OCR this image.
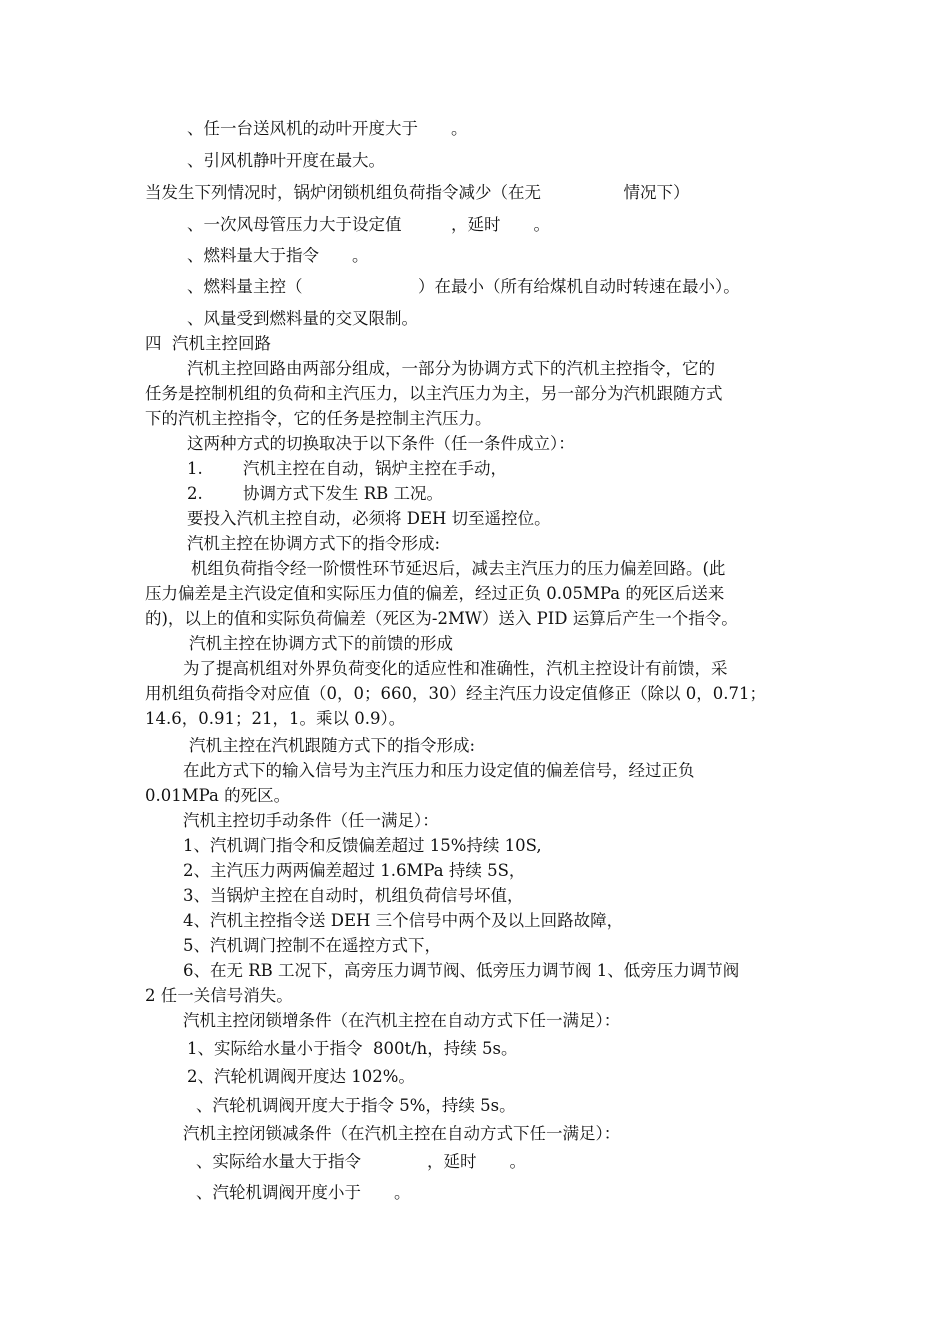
、任一台送风机的动叶开度大于　　。
、引风机静叶开度在最大。
当发生下列情况时，锅炉闭锁机组负荷指令减少（在无　　　　　情况下）
、一次风母管压力大于设定值　　　，延时　　。
、燃料量大于指令　　。
、燃料量主控（　　　　　　　）在最小（所有给煤机自动时转速在最小）。
、风量受到燃料量的交叉限制。
四  汽机主控回路
汽机主控回路由两部分组成，一部分为协调方式下的汽机主控指令，它的
任务是控制机组的负荷和主汽压力，以主汽压力为主，另一部分为汽机跟随方式
下的汽机主控指令，它的任务是控制主汽压力。
这两种方式的切换取决于以下条件（任一条件成立）：
1. 汽机主控在自动，锅炉主控在手动，
2. 协调方式下发生 RB 工况。
要投入汽机主控自动，必须将 DEH 切至遥控位。
汽机主控在协调方式下的指令形成:
机组负荷指令经一阶惯性环节延迟后，减去主汽压力的压力偏差回路。(此
压力偏差是主汽设定值和实际压力值的偏差，经过正负 0.05MPa 的死区后送来
的)，以上的值和实际负荷偏差（死区为-2MW）送入 PID 运算后产生一个指令。
汽机主控在协调方式下的前馈的形成
为了提高机组对外界负荷变化的适应性和准确性，汽机主控设计有前馈，采
用机组负荷指令对应值（0，0；660，30）经主汽压力设定值修正（除以 0，0.71；
14.6，0.91；21，1。乘以 0.9）。
汽机主控在汽机跟随方式下的指令形成:
在此方式下的输入信号为主汽压力和压力设定值的偏差信号，经过正负
0.01MPa 的死区。
汽机主控切手动条件（任一满足）：
1、汽机调门指令和反馈偏差超过 15%持续 10S,
2、主汽压力两两偏差超过 1.6MPa 持续 5S，
3、当锅炉主控在自动时，机组负荷信号坏值，
4、汽机主控指令送 DEH 三个信号中两个及以上回路故障，
5、汽机调门控制不在遥控方式下，
6、在无 RB 工况下，高旁压力调节阀、低旁压力调节阀 1、低旁压力调节阀
2 任一关信号消失。
汽机主控闭锁增条件（在汽机主控在自动方式下任一满足）：
1、实际给水量小于指令  800t/h，持续 5s。
2、汽轮机调阀开度达 102%。
、汽轮机调阀开度大于指令 5%，持续 5s。
汽机主控闭锁减条件（在汽机主控在自动方式下任一满足）：
、实际给水量大于指令　　　　，延时　　。
、汽轮机调阀开度小于　　。
